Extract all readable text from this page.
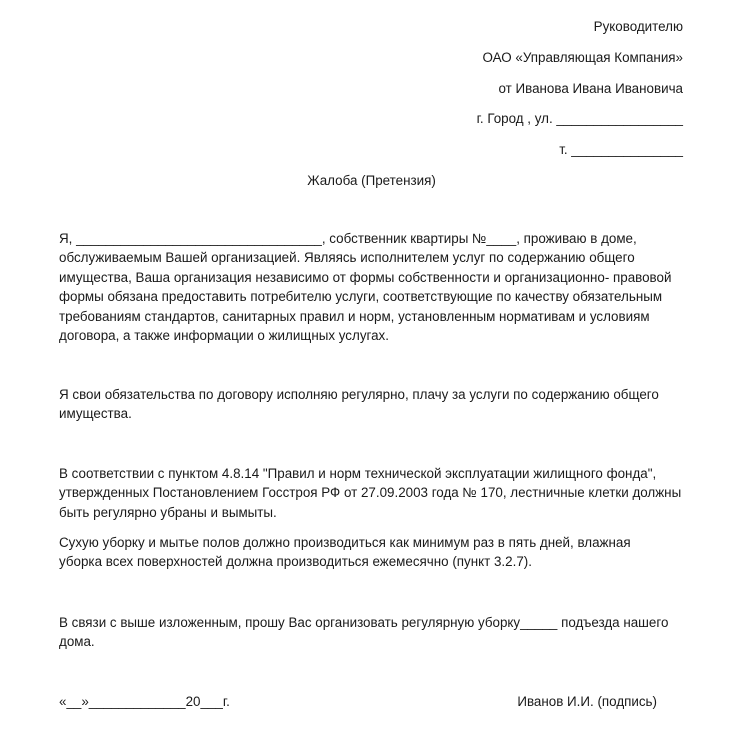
Руководителю
ОАО «Управляющая Компания»
от Иванова Ивана Ивановича
г. Город , ул. _________________
т. _______________
Жалоба (Претензия)
Я, _________________________________, собственник квартиры №____, проживаю в доме,
обслуживаемым Вашей организацией. Являясь исполнителем услуг по содержанию общего
имущества, Ваша организация независимо от формы собственности и организационно- правовой
формы обязана предоставить потребителю услуги, соответствующие по качеству обязательным
требованиям стандартов, санитарных правил и норм, установленным нормативам и условиям
договора, а также информации о жилищных услугах.
Я свои обязательства по договору исполняю регулярно, плачу за услуги по содержанию общего
имущества.
В соответствии с пунктом 4.8.14 "Правил и норм технической эксплуатации жилищного фонда",
утвержденных Постановлением Госстроя РФ от 27.09.2003 года № 170, лестничные клетки должны
быть регулярно убраны и вымыты.
Сухую уборку и мытье полов должно производиться как минимум раз в пять дней, влажная
уборка всех поверхностей должна производиться ежемесячно (пункт 3.2.7).
В связи с выше изложенным, прошу Вас организовать регулярную уборку_____ подъезда нашего
дома.
«__»_____________20___г.	Иванов И.И. (подпись)
